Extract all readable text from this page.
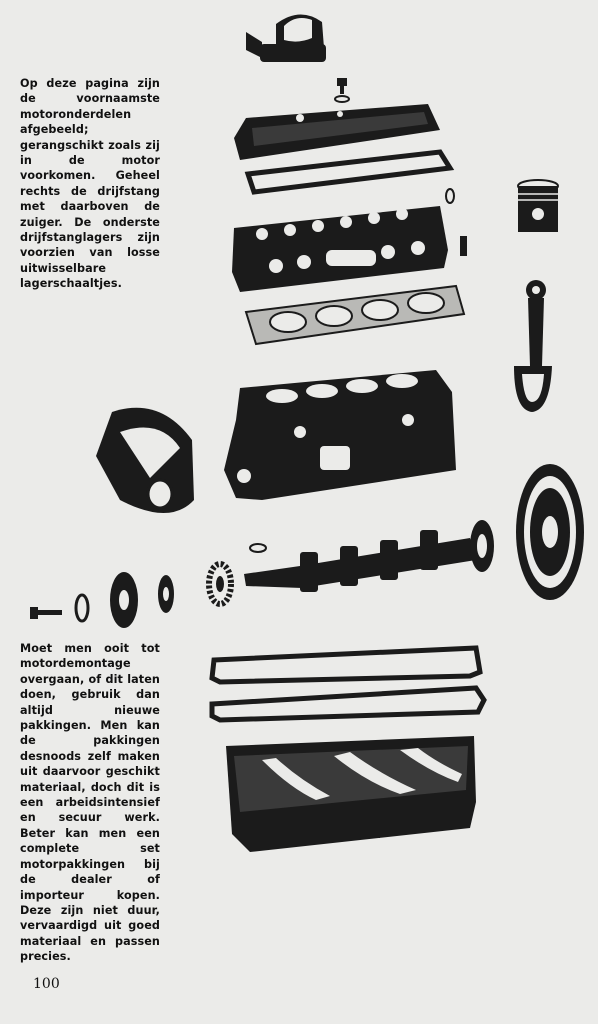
Op deze pagina zijn de voornaamste motoronderdelen afgebeeld; gerangschikt zoals zij in de motor voorkomen. Geheel rechts de drijfstang met daarboven de zuiger. De onderste drijfstanglagers zijn voorzien van losse uitwisselbare lagerschaaltjes.
Moet men ooit tot motordemontage overgaan, of dit laten doen, gebruik dan altijd nieuwe pakkingen. Men kan de pakkingen desnoods zelf maken uit daarvoor geschikt materiaal, doch dit is een arbeidsintensief en secuur werk. Beter kan men een complete set motorpakkingen bij de dealer of importeur kopen. Deze zijn niet duur, vervaardigd uit goed materiaal en passen precies.
100
